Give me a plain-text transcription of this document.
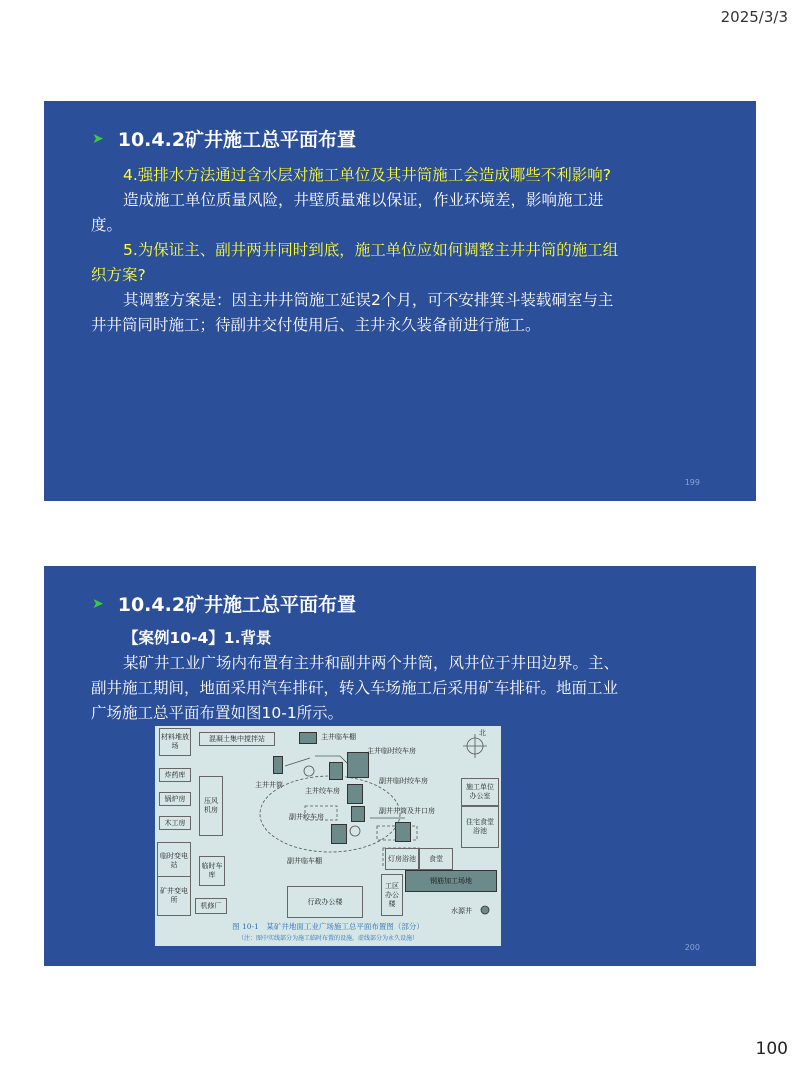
2025/3/3
➤ 10.4.2矿井施工总平面布置

4.强排水方法通过含水层对施工单位及其井筒施工会造成哪些不利影响?

造成施工单位质量风险，井壁质量难以保证，作业环境差，影响施工进度。

5.为保证主、副井两井同时到底，施工单位应如何调整主井井筒的施工组织方案?

其调整方案是：因主井井筒施工延误2个月，可不安排箕斗装载硐室与主井井筒同时施工；待副井交付使用后、主井永久装备前进行施工。

199
➤ 10.4.2矿井施工总平面布置

【案例10-4】1.背景

某矿井工业广场内布置有主井和副井两个井筒，风井位于井田边界。主、副井施工期间，地面采用汽车排矸，转入车场施工后采用矿车排矸。地面工业广场施工总平面布置如图10-1所示。

材料堆放场
混凝土集中搅拌站
炸药库
锅炉房
木工房
临时变电站
矿井变电所
压风机房
临时车库
机修厂
主井临车棚
主井临时绞车房
主井井筒
主井绞车房
副井临时绞车房
副井井筒及井口房
副井绞车房
副井临车棚
施工单位办公室
住宅食堂浴池
灯房浴池	食堂
工区办公楼
钢筋加工场地
行政办公楼
水源井
北
图 10-1　某矿井地面工业广场施工总平面布置图（部分）
（注：图中实线部分为施工临时布置的设施，虚线部分为永久设施）
200
100
